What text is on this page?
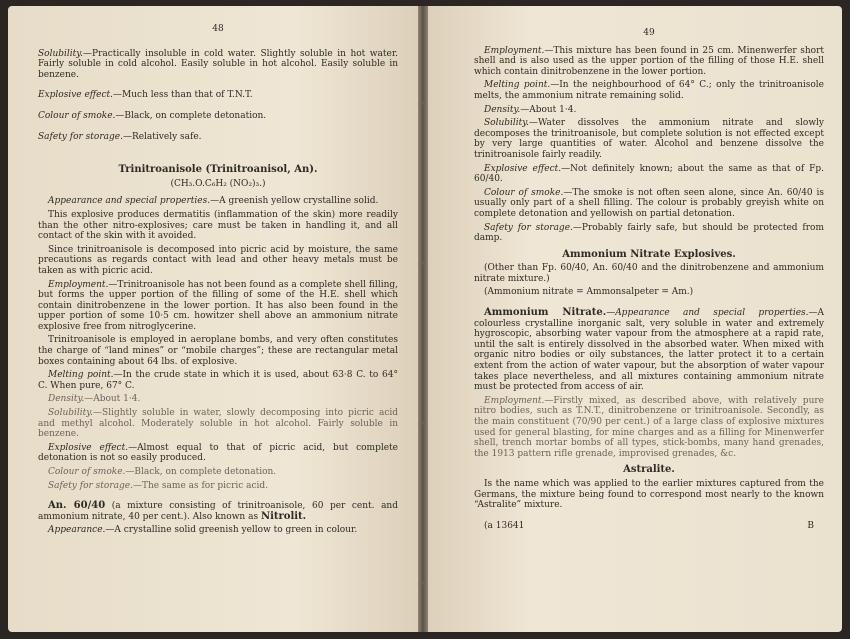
48

Solubility.—Practically insoluble in cold water. Slightly soluble in hot water. Fairly soluble in cold alcohol. Easily soluble in hot alcohol. Easily soluble in benzene.

Explosive effect.—Much less than that of T.N.T.

Colour of smoke.—Black, on complete detonation.

Safety for storage.—Relatively safe.

Trinitroanisole (Trinitroanisol, An).
(CH₃.O.C₆H₂ (NO₂)₃.)

Appearance and special properties.—A greenish yellow crystalline solid.

This explosive produces dermatitis (inflammation of the skin) more readily than the other nitro-explosives; care must be taken in handling it, and all contact of the skin with it avoided.

Since trinitroanisole is decomposed into picric acid by moisture, the same precautions as regards contact with lead and other heavy metals must be taken as with picric acid.

Employment.—Trinitroanisole has not been found as a complete shell filling, but forms the upper portion of the filling of some of the H.E. shell which contain dinitrobenzene in the lower portion. It has also been found in the upper portion of some 10·5 cm. howitzer shell above an ammonium nitrate explosive free from nitroglycerine.

Trinitroanisole is employed in aeroplane bombs, and very often constitutes the charge of “land mines” or “mobile charges”; these are rectangular metal boxes containing about 64 lbs. of explosive.

Melting point.—In the crude state in which it is used, about 63·8 C. to 64° C. When pure, 67° C.

Density.—About 1·4.

Solubility.—Slightly soluble in water, slowly decomposing into picric acid and methyl alcohol. Moderately soluble in hot alcohol. Fairly soluble in benzene.

Explosive effect.—Almost equal to that of picric acid, but complete detonation is not so easily produced.

Colour of smoke.—Black, on complete detonation.

Safety for storage.—The same as for picric acid.

An. 60/40 (a mixture consisting of trinitroanisole, 60 per cent. and ammonium nitrate, 40 per cent.). Also known as Nitrolit.

Appearance.—A crystalline solid greenish yellow to green in colour.

49

Employment.—This mixture has been found in 25 cm. Minenwerfer short shell and is also used as the upper portion of the filling of those H.E. shell which contain dinitrobenzene in the lower portion.

Melting point.—In the neighbourhood of 64° C.; only the trinitroanisole melts, the ammonium nitrate remaining solid.

Density.—About 1·4.

Solubility.—Water dissolves the ammonium nitrate and slowly decomposes the trinitroanisole, but complete solution is not effected except by very large quantities of water. Alcohol and benzene dissolve the trinitroanisole fairly readily.

Explosive effect.—Not definitely known; about the same as that of Fp. 60/40.

Colour of smoke.—The smoke is not often seen alone, since An. 60/40 is usually only part of a shell filling. The colour is probably greyish white on complete detonation and yellowish on partial detonation.

Safety for storage.—Probably fairly safe, but should be protected from damp.

Ammonium Nitrate Explosives.

(Other than Fp. 60/40, An. 60/40 and the dinitrobenzene and ammonium nitrate mixture.)

(Ammonium nitrate = Ammonsalpeter = Am.)

Ammonium Nitrate.—Appearance and special properties.—A colourless crystalline inorganic salt, very soluble in water and extremely hygroscopic, absorbing water vapour from the atmosphere at a rapid rate, until the salt is entirely dissolved in the absorbed water. When mixed with organic nitro bodies or oily substances, the latter protect it to a certain extent from the action of water vapour, but the absorption of water vapour takes place nevertheless, and all mixtures containing ammonium nitrate must be protected from access of air.

Employment.—Firstly mixed, as described above, with relatively pure nitro bodies, such as T.N.T., dinitrobenzene or trinitroanisole. Secondly, as the main constituent (70/90 per cent.) of a large class of explosive mixtures used for general blasting, for mine charges and as a filling for Minenwerfer shell, trench mortar bombs of all types, stick-bombs, many hand grenades, the 1913 pattern rifle grenade, improvised grenades, &c.

Astralite.

Is the name which was applied to the earlier mixtures captured from the Germans, the mixture being found to correspond most nearly to the known “Astralite” mixture.

(a 13641	B
